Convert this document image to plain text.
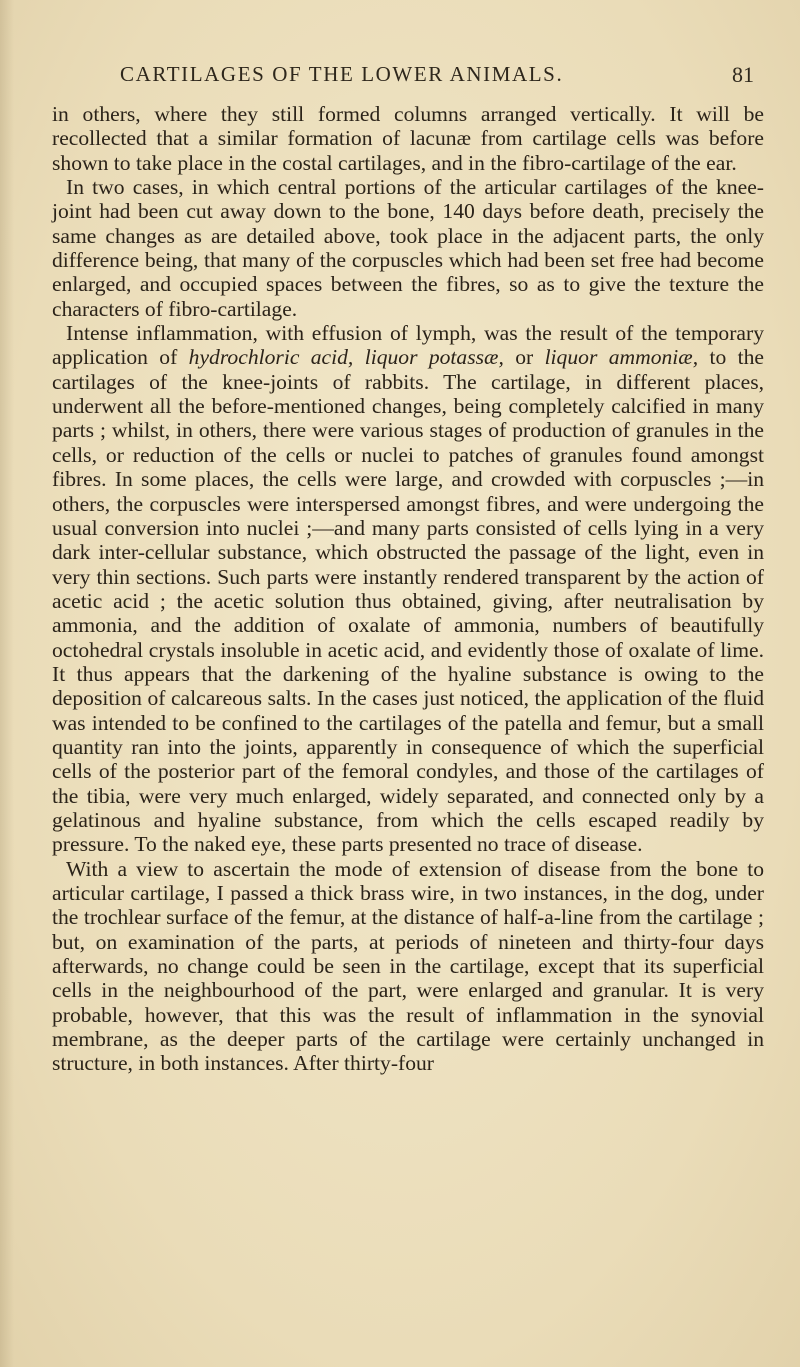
CARTILAGES OF THE LOWER ANIMALS.	81

in others, where they still formed columns arranged vertically. It will be recollected that a similar formation of lacunæ from cartilage cells was before shown to take place in the costal cartilages, and in the fibro-cartilage of the ear.

In two cases, in which central portions of the articular cartilages of the knee-joint had been cut away down to the bone, 140 days before death, precisely the same changes as are detailed above, took place in the adjacent parts, the only difference being, that many of the corpuscles which had been set free had become enlarged, and occupied spaces between the fibres, so as to give the texture the characters of fibro-cartilage.

Intense inflammation, with effusion of lymph, was the result of the temporary application of hydrochloric acid, liquor potassæ, or liquor ammoniæ, to the cartilages of the knee-joints of rabbits. The cartilage, in different places, underwent all the before-mentioned changes, being completely calcified in many parts ; whilst, in others, there were various stages of production of granules in the cells, or reduction of the cells or nuclei to patches of granules found amongst fibres. In some places, the cells were large, and crowded with corpuscles ;—in others, the corpuscles were interspersed amongst fibres, and were undergoing the usual conversion into nuclei ;—and many parts consisted of cells lying in a very dark inter-cellular substance, which obstructed the passage of the light, even in very thin sections. Such parts were instantly rendered transparent by the action of acetic acid ; the acetic solution thus obtained, giving, after neutralisation by ammonia, and the addition of oxalate of ammonia, numbers of beautifully octohedral crystals insoluble in acetic acid, and evidently those of oxalate of lime. It thus appears that the darkening of the hyaline substance is owing to the deposition of calcareous salts. In the cases just noticed, the application of the fluid was intended to be confined to the cartilages of the patella and femur, but a small quantity ran into the joints, apparently in consequence of which the superficial cells of the posterior part of the femoral condyles, and those of the cartilages of the tibia, were very much enlarged, widely separated, and connected only by a gelatinous and hyaline substance, from which the cells escaped readily by pressure. To the naked eye, these parts presented no trace of disease.

With a view to ascertain the mode of extension of disease from the bone to articular cartilage, I passed a thick brass wire, in two instances, in the dog, under the trochlear surface of the femur, at the distance of half-a-line from the cartilage ; but, on examination of the parts, at periods of nineteen and thirty-four days afterwards, no change could be seen in the cartilage, except that its superficial cells in the neighbourhood of the part, were enlarged and granular. It is very probable, however, that this was the result of inflammation in the synovial membrane, as the deeper parts of the cartilage were certainly unchanged in structure, in both instances. After thirty-four
